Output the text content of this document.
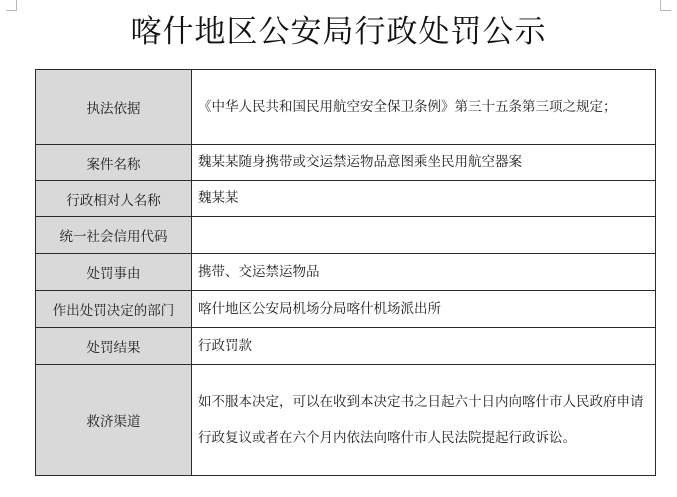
喀什地区公安局行政处罚公示
执法依据	《中华人民共和国民用航空安全保卫条例》第三十五条第三项之规定；
案件名称	魏某某随身携带或交运禁运物品意图乘坐民用航空器案
行政相对人名称	魏某某
统一社会信用代码	
处罚事由	携带、交运禁运物品
作出处罚决定的部门	喀什地区公安局机场分局喀什机场派出所
处罚结果	行政罚款
救济渠道	如不服本决定，可以在收到本决定书之日起六十日内向喀什市人民政府申请行政复议或者在六个月内依法向喀什市人民法院提起行政诉讼。
